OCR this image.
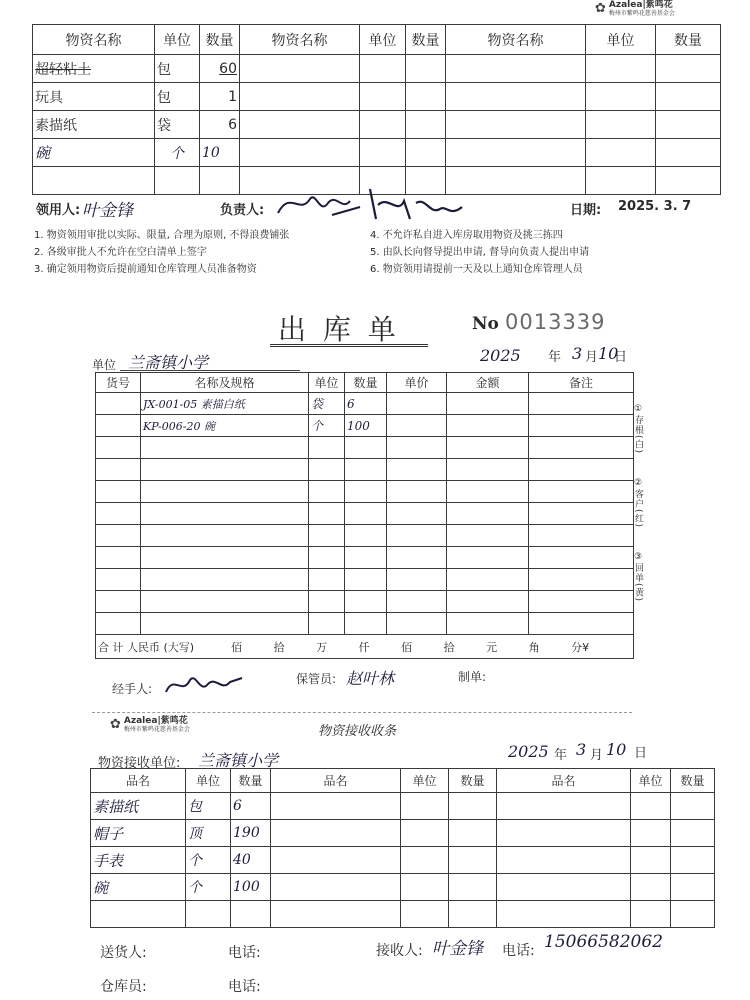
✿ Azalea|紫鸣花
梅州市紫鸣花慈善基金会
物资名称	单位	数量	物资名称	单位	数量	物资名称	单位	数量
超轻粘土	包	60						
玩具	包	1						
素描纸	袋	6						
碗	个	10						

领用人: 叶金锋	负责人:	日期: 2025. 3. 7
1. 物资领用审批以实际、限量, 合理为原则, 不得浪费铺张
2. 各级审批人不允许在空白清单上签字
3. 确定领用物资后提前通知仓库管理人员准备物资
4. 不允许私自进入库房取用物资及挑三拣四
5. 由队长向督导提出申请, 督导向负责人提出申请
6. 物资领用请提前一天及以上通知仓库管理人员
出 库 单	No 0013339
单位 兰斋镇小学	2025 年 3 月 10
日
货号	名称及规格	单位	数量	单价	金额	备注
	JX-001-05 素描白纸	袋	6			
	KP-006-20 碗	个	100			

合 计 人民币 (大写) 佰 拾 万 仟 佰 拾 元 角 分¥						
①存根(白)
②客户(红)
③回单(黄)
经手人:
保管员: 赵叶林	制单:
✿ Azalea|紫鸣花
梅州市紫鸣花慈善基金会	物资接收收条
物资接收单位: 兰斋镇小学	2025 年 3 月 10 日
品名	单位	数量	品名	单位	数量	品名	单位	数量
素描纸	包	6						
帽子	顶	190						
手表	个	40						
碗	个	100						

送货人:	电话:	接收人: 叶金锋 电话: 15066582062
仓库员:	电话:
